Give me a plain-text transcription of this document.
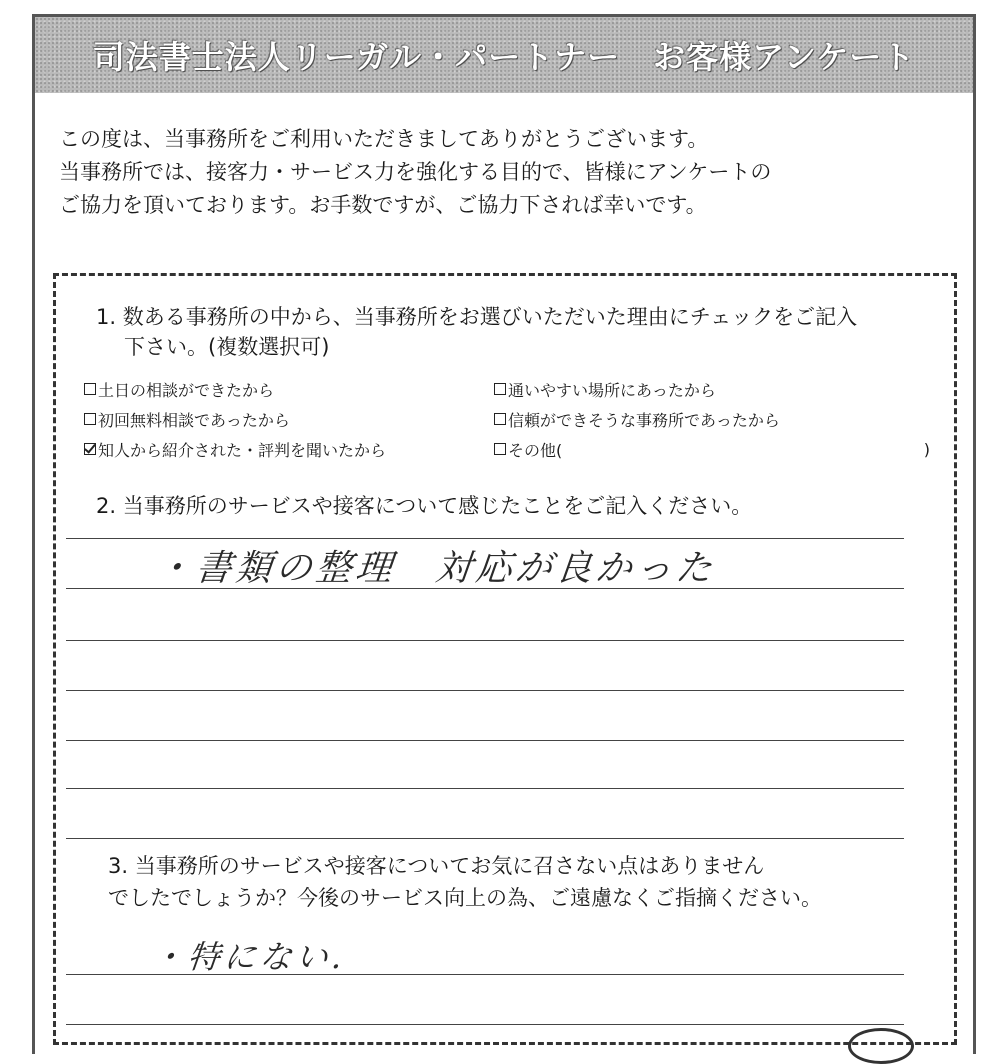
司法書士法人リーガル・パートナー　お客様アンケート
この度は、当事務所をご利用いただきましてありがとうございます。
当事務所では、接客力・サービス力を強化する目的で、皆様にアンケートの
ご協力を頂いております。お手数ですが、ご協力下されば幸いです。
1. 数ある事務所の中から、当事務所をお選びいただいた理由にチェックをご記入
下さい。(複数選択可)
土日の相談ができたから	通いやすい場所にあったから
初回無料相談であったから	信頼ができそうな事務所であったから
知人から紹介された・評判を聞いたから	その他(	)
2. 当事務所のサービスや接客について感じたことをご記入ください。
・書類の整理　対応が良かった
3. 当事務所のサービスや接客についてお気に召さない点はありません
でしたでしょうか？今後のサービス向上の為、ご遠慮なくご指摘ください。
・特にない.
